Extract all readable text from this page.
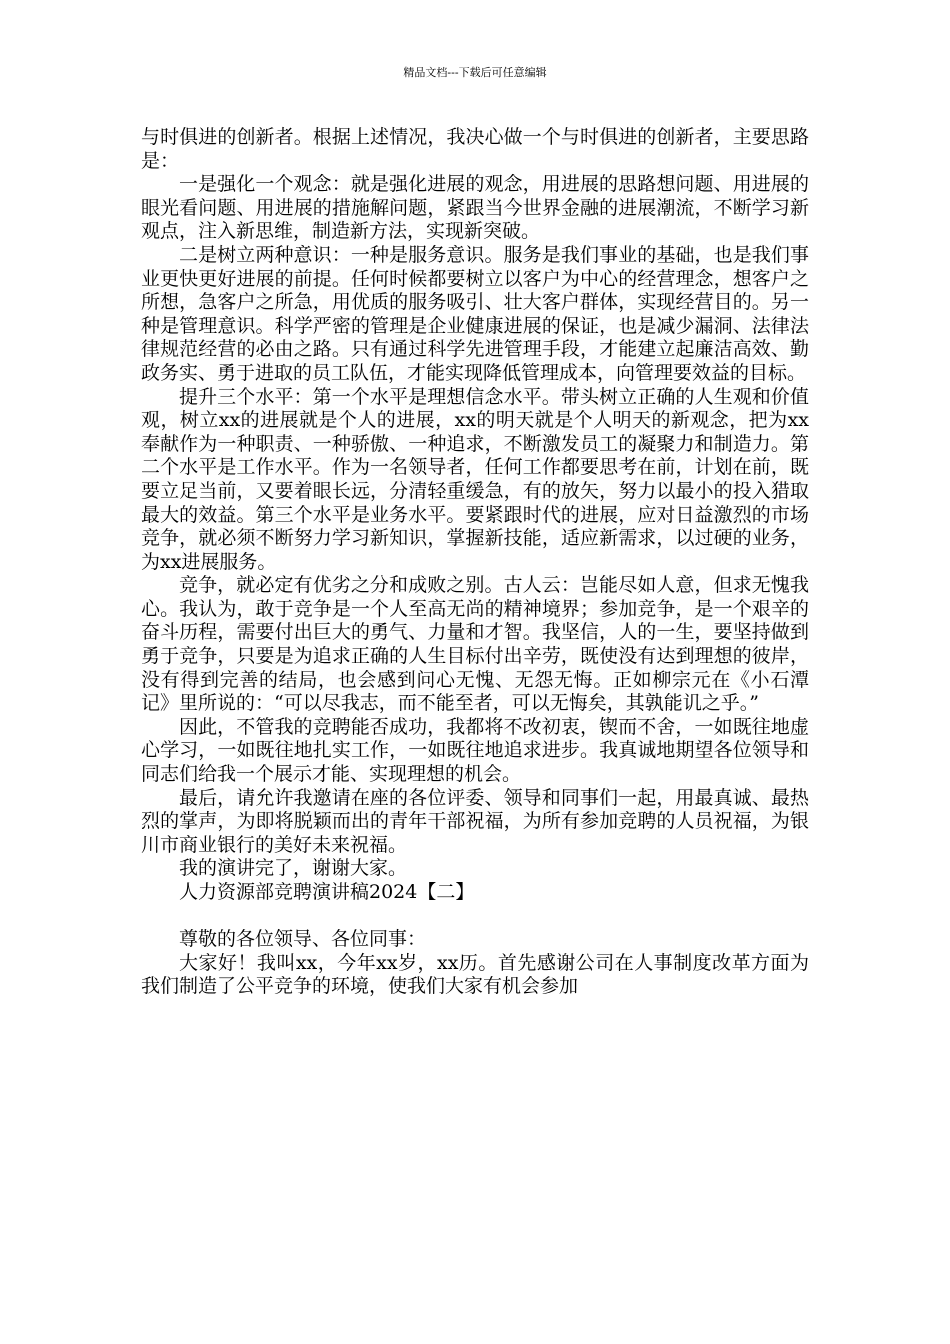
精品文档---下载后可任意编辑

与时俱进的创新者。根据上述情况，我决心做一个与时俱进的创新者，主要思路是：

一是强化一个观念：就是强化进展的观念，用进展的思路想问题、用进展的眼光看问题、用进展的措施解问题，紧跟当今世界金融的进展潮流，不断学习新观点，注入新思维，制造新方法，实现新突破。

二是树立两种意识：一种是服务意识。服务是我们事业的基础，也是我们事业更快更好进展的前提。任何时候都要树立以客户为中心的经营理念，想客户之所想，急客户之所急，用优质的服务吸引、壮大客户群体，实现经营目的。另一种是管理意识。科学严密的管理是企业健康进展的保证，也是减少漏洞、法律法律规范经营的必由之路。只有通过科学先进管理手段，才能建立起廉洁高效、勤政务实、勇于进取的员工队伍，才能实现降低管理成本，向管理要效益的目标。

提升三个水平：第一个水平是理想信念水平。带头树立正确的人生观和价值观，树立xx的进展就是个人的进展，xx的明天就是个人明天的新观念，把为xx奉献作为一种职责、一种骄傲、一种追求，不断激发员工的凝聚力和制造力。第二个水平是工作水平。作为一名领导者，任何工作都要思考在前，计划在前，既要立足当前，又要着眼长远，分清轻重缓急，有的放矢，努力以最小的投入猎取最大的效益。第三个水平是业务水平。要紧跟时代的进展，应对日益激烈的市场竞争，就必须不断努力学习新知识，掌握新技能，适应新需求，以过硬的业务，为xx进展服务。

竞争，就必定有优劣之分和成败之别。古人云：岂能尽如人意，但求无愧我心。我认为，敢于竞争是一个人至高无尚的精神境界；参加竞争，是一个艰辛的奋斗历程，需要付出巨大的勇气、力量和才智。我坚信，人的一生，要坚持做到勇于竞争，只要是为追求正确的人生目标付出辛劳，既使没有达到理想的彼岸，没有得到完善的结局，也会感到问心无愧、无怨无悔。正如柳宗元在《小石潭记》里所说的：“可以尽我志，而不能至者，可以无悔矣，其孰能讥之乎。”

因此，不管我的竞聘能否成功，我都将不改初衷，锲而不舍，一如既往地虚心学习，一如既往地扎实工作，一如既往地追求进步。我真诚地期望各位领导和同志们给我一个展示才能、实现理想的机会。

最后，请允许我邀请在座的各位评委、领导和同事们一起，用最真诚、最热烈的掌声，为即将脱颖而出的青年干部祝福，为所有参加竞聘的人员祝福，为银川市商业银行的美好未来祝福。

我的演讲完了，谢谢大家。

人力资源部竞聘演讲稿2024【二】

尊敬的各位领导、各位同事：

大家好！我叫xx，今年xx岁，xx历。首先感谢公司在人事制度改革方面为我们制造了公平竞争的环境，使我们大家有机会参加
